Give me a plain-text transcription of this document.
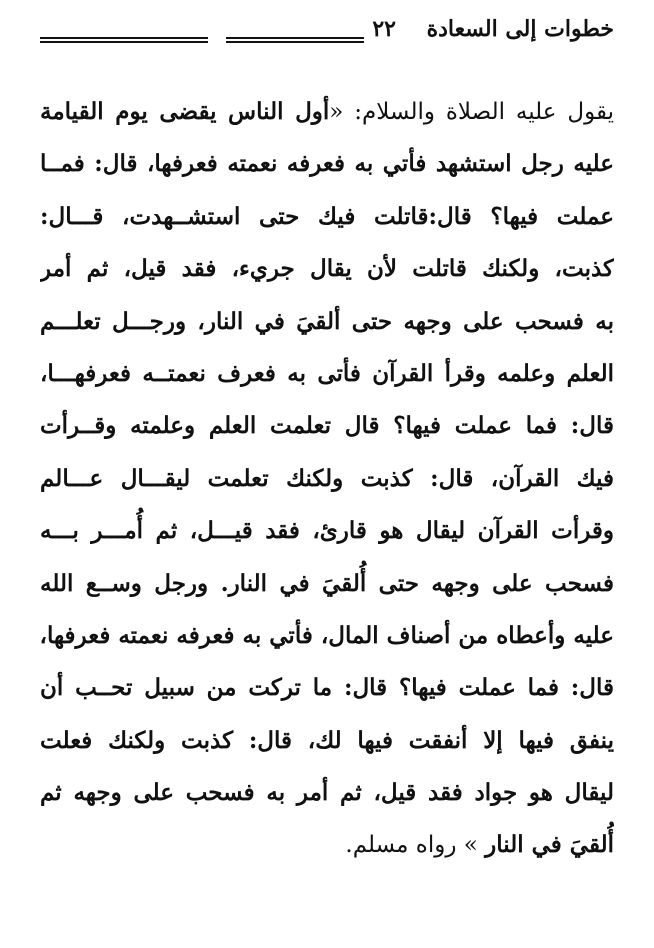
خطوات إلى السعادة
٢٢
يقول عليه الصلاة والسلام: «أول الناس يقضى يوم القيامة
عليه رجل استشهد فأتي به فعرفه نعمته فعرفها، قال: فمــا
عملت فيها؟ قال:قاتلت فيك حتى استشــهدت، قـــال:
كذبت، ولكنك قاتلت لأن يقال جريء، فقد قيل، ثم أمر
به فسحب على وجهه حتى ألقيَ في النار، ورجـــل تعلـــم
العلم وعلمه وقرأ القرآن فأتى به فعرف نعمتــه فعرفهـــا،
قال: فما عملت فيها؟ قال تعلمت العلم وعلمته وقــرأت
فيك القرآن، قال: كذبت ولكنك تعلمت ليقـــال عـــالم
وقرأت القرآن ليقال هو قارئ، فقد قيـــل، ثم أُمـــر بـــه
فسحب على وجهه حتى أُلقيَ في النار. ورجل وســع الله
عليه وأعطاه من أصناف المال، فأتي به فعرفه نعمته فعرفها،
قال: فما عملت فيها؟ قال: ما تركت من سبيل تحــب أن
ينفق فيها إلا أنفقت فيها لك، قال: كذبت ولكنك فعلت
ليقال هو جواد فقد قيل، ثم أمر به فسحب على وجهه ثم
أُلقيَ في النار » رواه مسلم.
